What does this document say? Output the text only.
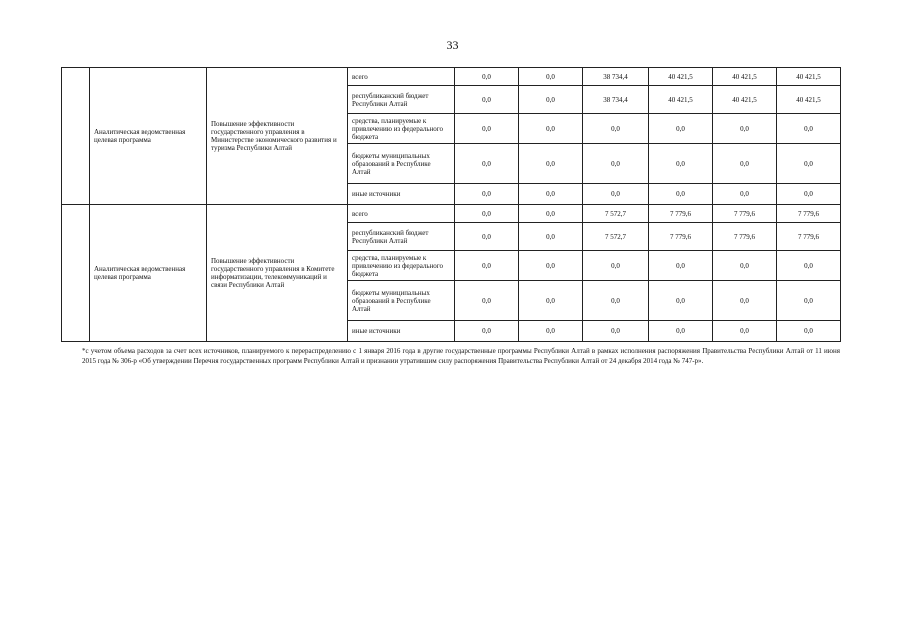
33
	Аналитическая ведомственная целевая программа	Повышение эффективности государственного управления в Министерстве экономического развития и туризма Республики Алтай	всего	0,0	0,0	38 734,4	40 421,5	40 421,5	40 421,5
			республиканский бюджет Республики Алтай	0,0	0,0	38 734,4	40 421,5	40 421,5	40 421,5
			средства, планируемые к привлечению из федерального бюджета	0,0	0,0	0,0	0,0	0,0	0,0
			бюджеты муниципальных образований в Республике Алтай	0,0	0,0	0,0	0,0	0,0	0,0
			иные источники	0,0	0,0	0,0	0,0	0,0	0,0
	Аналитическая ведомственная целевая программа	Повышение эффективности государственного управления в Комитете информатизации, телекоммуникаций и связи Республики Алтай	всего	0,0	0,0	7 572,7	7 779,6	7 779,6	7 779,6
			республиканский бюджет Республики Алтай	0,0	0,0	7 572,7	7 779,6	7 779,6	7 779,6
			средства, планируемые к привлечению из федерального бюджета	0,0	0,0	0,0	0,0	0,0	0,0
			бюджеты муниципальных образований в Республике Алтай	0,0	0,0	0,0	0,0	0,0	0,0
			иные источники	0,0	0,0	0,0	0,0	0,0	0,0
*с учетом объема расходов за счет всех источников, планируемого к перераспределению с 1 января 2016 года в другие государственные программы Республики Алтай в рамках исполнения распоряжения Правительства Республики Алтай от 11 июня 2015 года № 306-р «Об утверждении Перечня государственных программ Республики Алтай и признании утратившим силу распоряжения Правительства Республики Алтай от 24 декабря 2014 года № 747-р».
